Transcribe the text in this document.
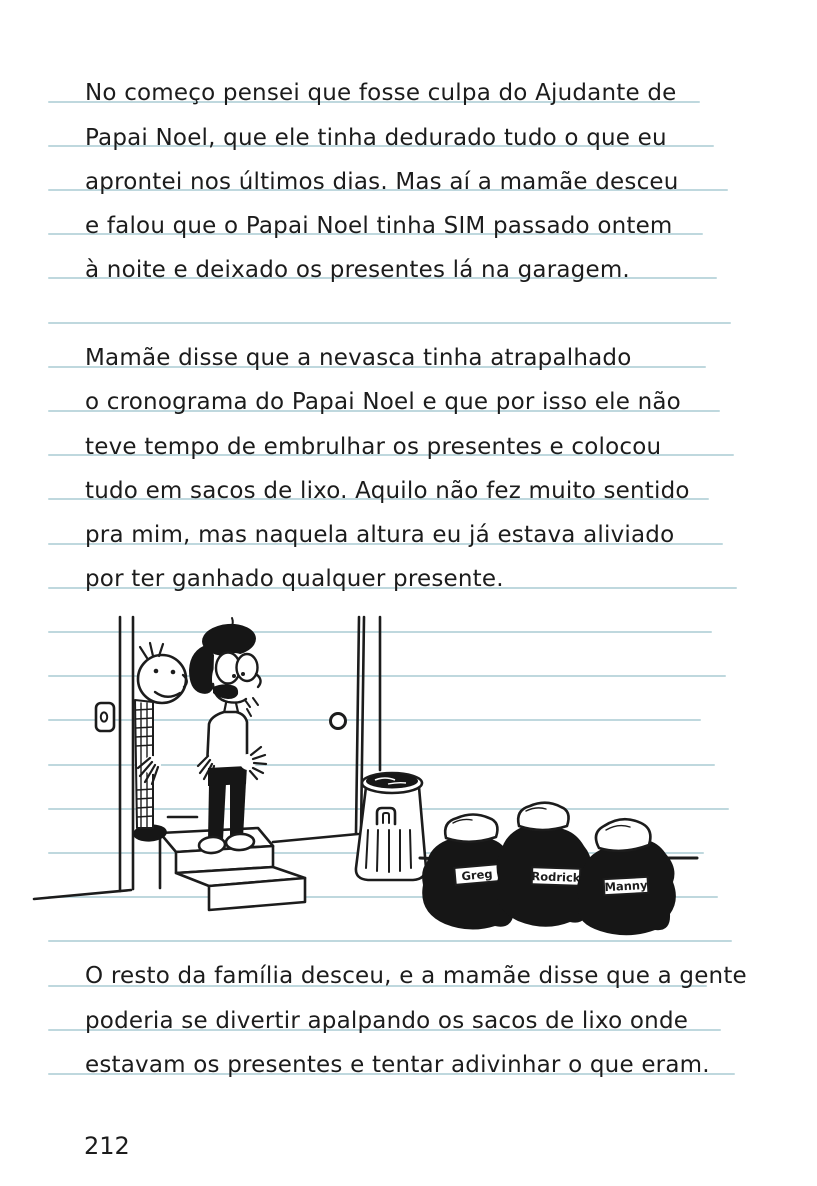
No começo pensei que fosse culpa do Ajudante de
Papai Noel, que ele tinha dedurado tudo o que eu
aprontei nos últimos dias. Mas aí a mamãe desceu
e falou que o Papai Noel tinha SIM passado ontem
à noite e deixado os presentes lá na garagem.
Mamãe disse que a nevasca tinha atrapalhado
o cronograma do Papai Noel e que por isso ele não
teve tempo de embrulhar os presentes e colocou
tudo em sacos de lixo. Aquilo não fez muito sentido
pra mim, mas naquela altura eu já estava aliviado
por ter ganhado qualquer presente.
O resto da família desceu, e a mamãe disse que a gente
poderia se divertir apalpando os sacos de lixo onde
estavam os presentes e tentar adivinhar o que eram.
Greg	Rodrick
Manny
212
